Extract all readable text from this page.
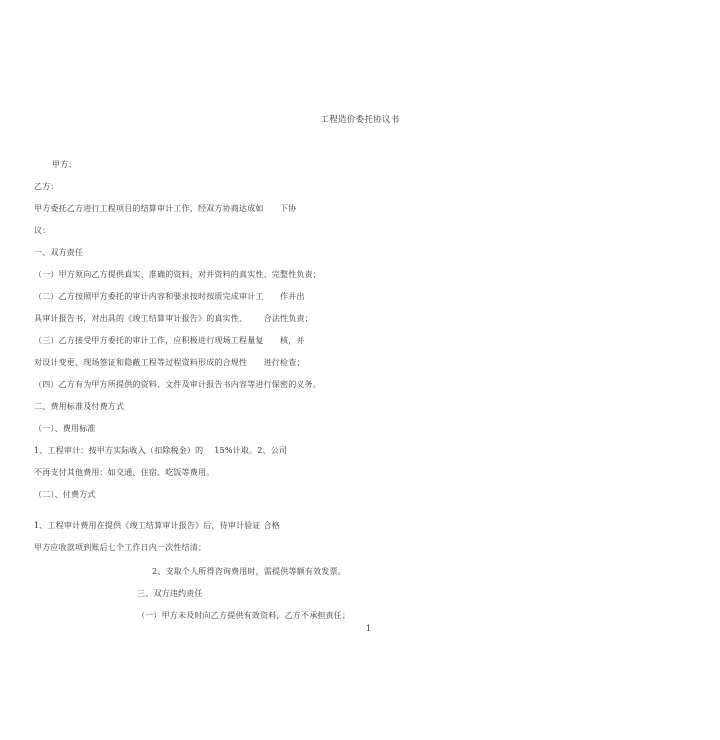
工程造价委托协议书
甲方：
乙方：
甲方委托乙方进行工程项目的结算审计工作，经双方协商达成如      下协
议：
一、双方责任
（一）甲方须向乙方提供真实、准确的资料，对并资料的真实性、完整性负责；
（二）乙方按照甲方委托的审计内容和要求按时按质完成审计工      作并出
具审计报告书，对出具的《竣工结算审计报告》的真实性、      合法性负责；
（三）乙方接受甲方委托的审计工作，应积极进行现场工程量复      核，并
对设计变更、现场签证和隐蔽工程等过程资料形成的合规性      进行检查；
（四）乙方有为甲方所提供的资料、文件及审计报告书内容等进行保密的义务。
二、费用标准及付费方式
（一）、费用标准
1、工程审计：按甲方实际收入（扣除税金）的    15%计取。2、公司
不再支付其他费用：如交通、住宿、吃饭等费用。
（二）、付费方式
1、工程审计费用在提供《竣工结算审计报告》后，待审计验证 合格
甲方应收款项到账后七个工作日内一次性结清；
2、支取个人所得咨询费用时，需提供等额有效发票。
三、双方违约责任
（一）甲方未及时向乙方提供有效资料，乙方不承担责任；
1
